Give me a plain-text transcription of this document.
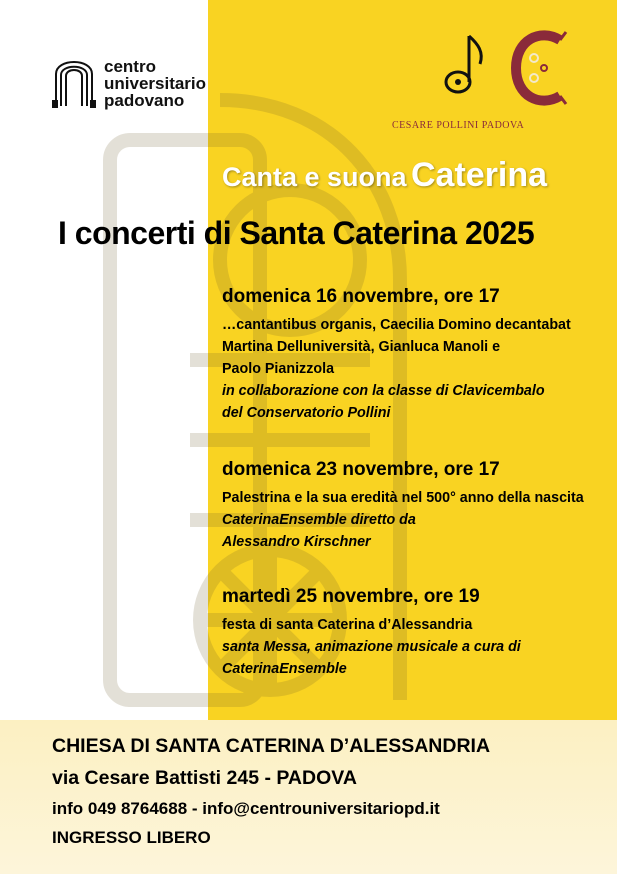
centro
universitario
padovano
CESARE POLLINI PADOVA
Canta e suona Caterina
I concerti di Santa Caterina 2025
domenica 16 novembre, ore 17
…cantantibus organis, Caecilia Domino decantabat
Martina Delluniversità, Gianluca Manoli e
Paolo Pianizzola
in collaborazione con la classe di Clavicembalo
del Conservatorio Pollini
domenica 23 novembre, ore 17
Palestrina e la sua eredità nel 500° anno della nascita
CaterinaEnsemble diretto da
Alessandro Kirschner
martedì 25 novembre, ore 19
festa di santa Caterina d’Alessandria
santa Messa, animazione musicale a cura di
CaterinaEnsemble
CHIESA DI SANTA CATERINA D’ALESSANDRIA
via Cesare Battisti 245 - PADOVA
info 049 8764688 - info@centrouniversitariopd.it
INGRESSO LIBERO
